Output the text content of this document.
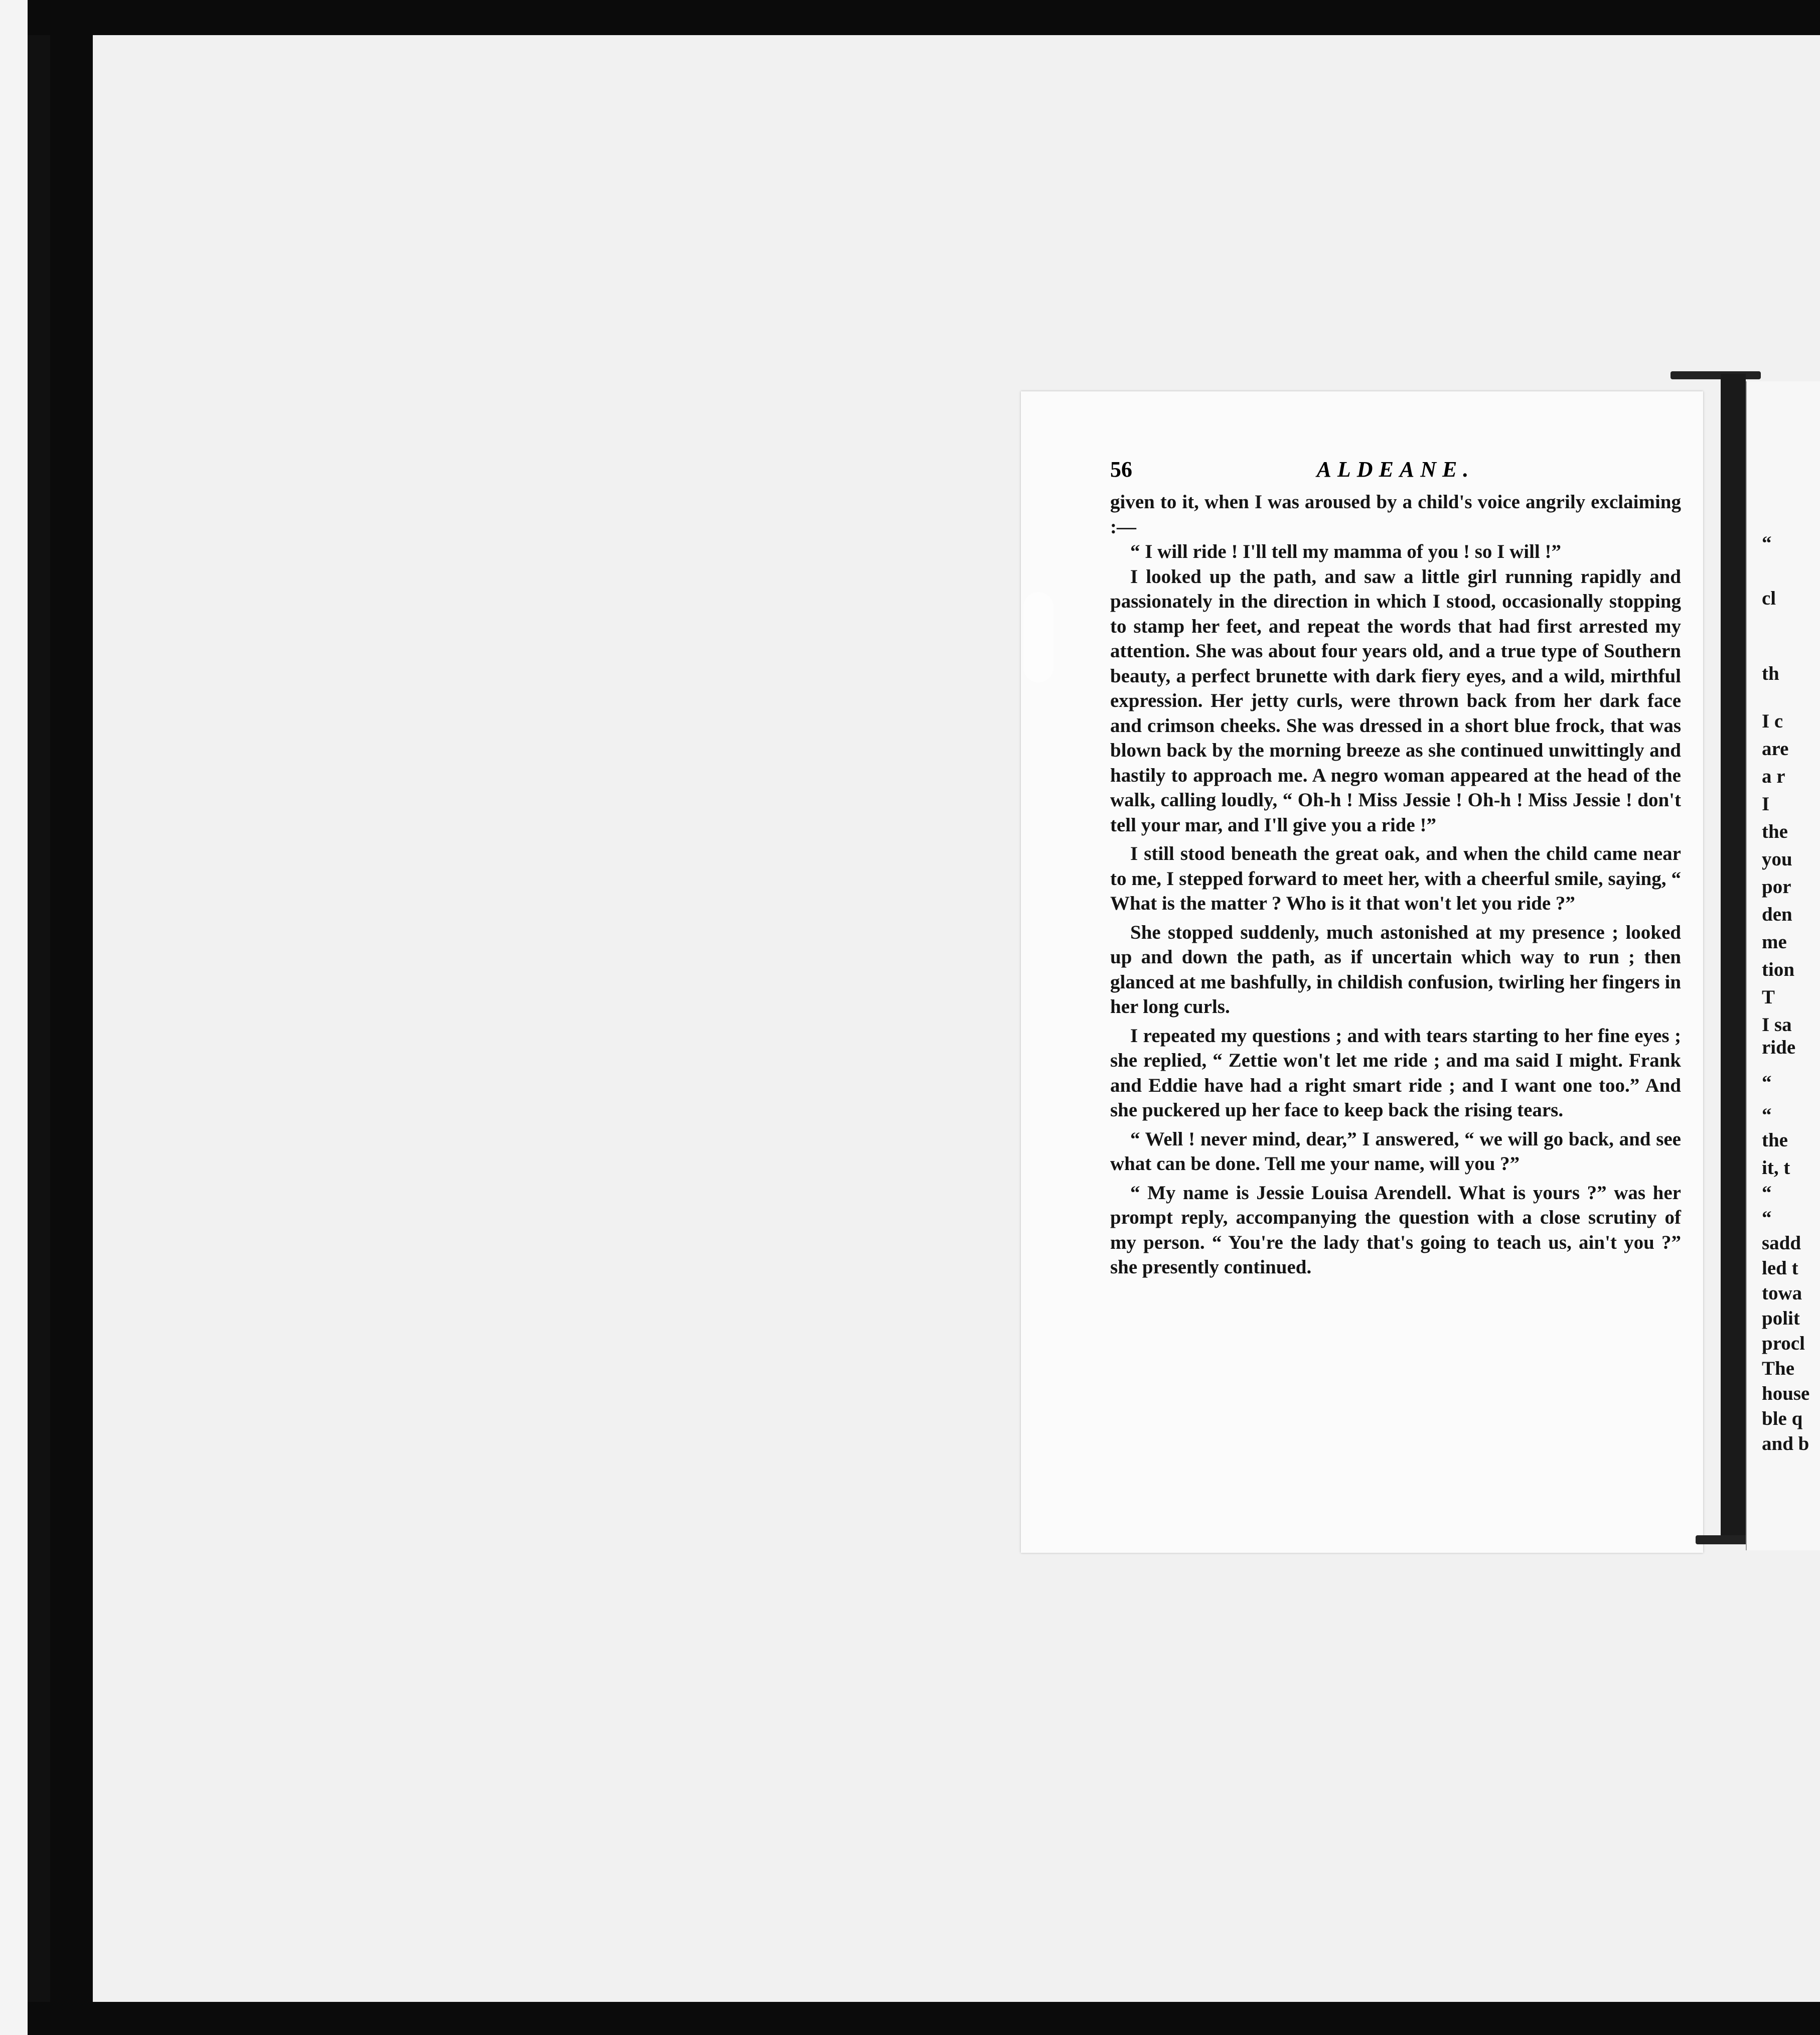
56	ALDEANE.

given to it, when I was aroused by a child's voice angrily exclaiming :—

“ I will ride ! I'll tell my mamma of you ! so I will !”

I looked up the path, and saw a little girl running rapidly and passionately in the direction in which I stood, occasionally stopping to stamp her feet, and repeat the words that had first arrested my attention. She was about four years old, and a true type of Southern beauty, a perfect brunette with dark fiery eyes, and a wild, mirthful expression. Her jetty curls, were thrown back from her dark face and crimson cheeks. She was dressed in a short blue frock, that was blown back by the morning breeze as she continued unwittingly and hastily to approach me. A negro woman appeared at the head of the walk, calling loudly, “ Oh-h ! Miss Jessie ! Oh-h ! Miss Jessie ! don't tell your mar, and I'll give you a ride !”

I still stood beneath the great oak, and when the child came near to me, I stepped forward to meet her, with a cheerful smile, saying, “ What is the matter ? Who is it that won't let you ride ?”

She stopped suddenly, much astonished at my presence ; looked up and down the path, as if uncertain which way to run ; then glanced at me bashfully, in childish confusion, twirling her fingers in her long curls.

I repeated my questions ; and with tears starting to her fine eyes ; she replied, “ Zettie won't let me ride ; and ma said I might. Frank and Eddie have had a right smart ride ; and I want one too.” And she puckered up her face to keep back the rising tears.

“ Well ! never mind, dear,” I answered, “ we will go back, and see what can be done. Tell me your name, will you ?”

“ My name is Jessie Louisa Arendell. What is yours ?” was her prompt reply, accompanying the question with a close scrutiny of my person. “ You're the lady that's going to teach us, ain't you ?” she presently continued.

“
cl
th
I c
are
a r
I
the
you
por
den
me
tion
T
I sa
ride
“
“
the
it, t
“
“
sadd
led t
towa
polit
procl
The
house
ble q
and b
